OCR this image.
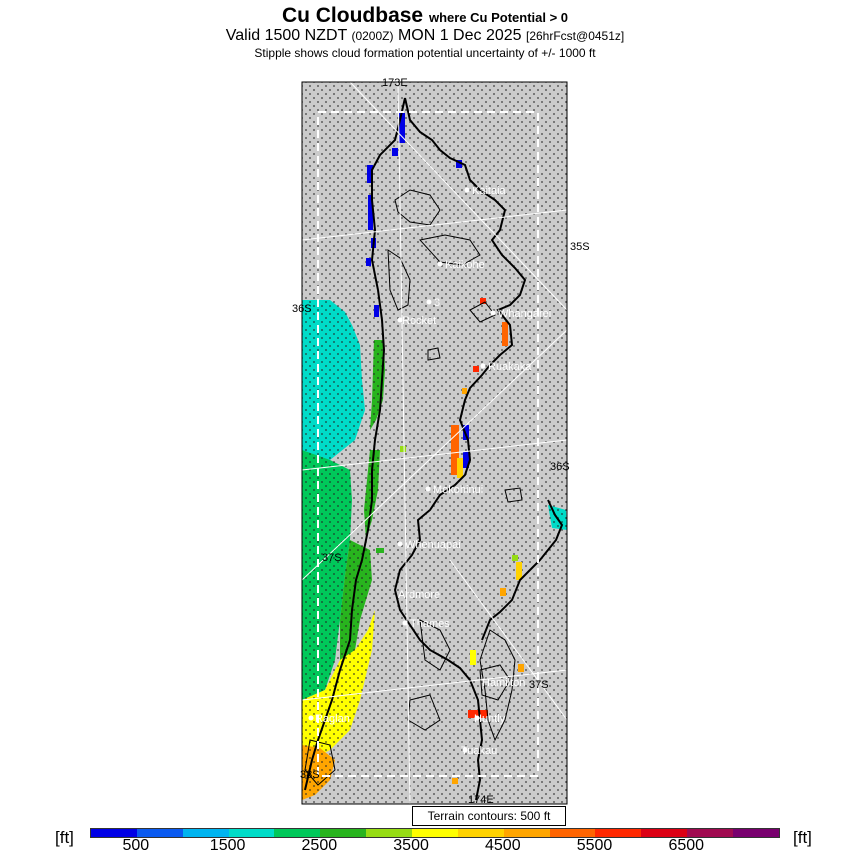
Cu Cloudbase where Cu Potential > 0
Valid 1500 NZDT (0200Z) MON 1 Dec 2025 [26hrFcst@0451z]
Stipple shows cloud formation potential uncertainty of +/- 1000 ft
173E
174E
35S
36S
36S
37S
37S
38S
Kaitaia
Kaikohe
3
Rocket
Whangarei
Ruakaka
Mokohinui
Whenuapai
Ardmore
Thames
Hamilton
Huntly
Raglan
Tuakau
Terrain contours: 500 ft
[ft]	[ft]
500	1500	2500	3500	4500	5500	6500
